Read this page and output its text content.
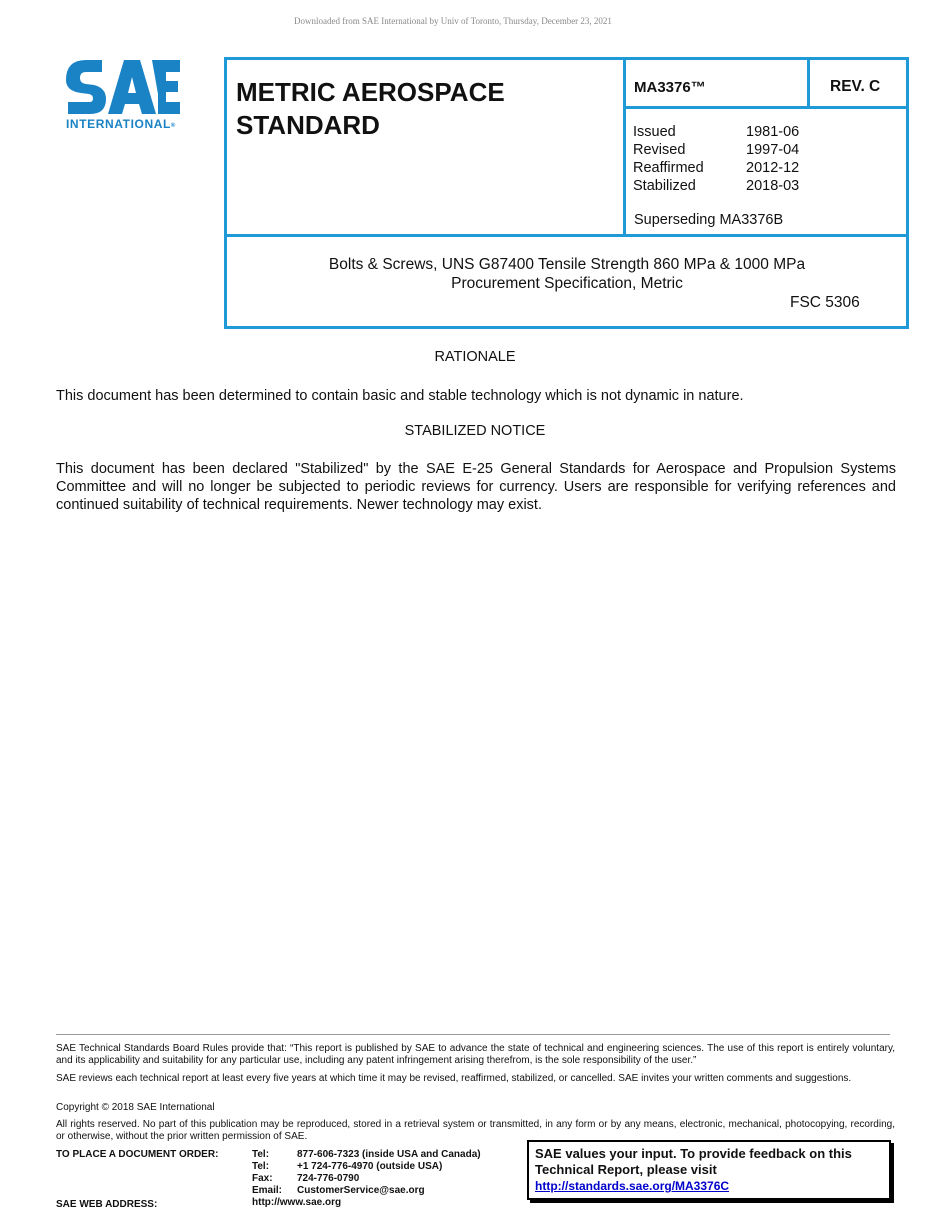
Downloaded from SAE International by Univ of Toronto, Thursday, December 23, 2021
INTERNATIONAL®
METRIC AEROSPACE
STANDARD
MA3376™	REV. C
Issued	1981-06
Revised	1997-04
Reaffirmed	2012-12
Stabilized	2018-03
Superseding MA3376B
Bolts & Screws, UNS G87400 Tensile Strength 860 MPa & 1000 MPa
Procurement Specification, Metric
FSC 5306
RATIONALE
This document has been determined to contain basic and stable technology which is not dynamic in nature.
STABILIZED NOTICE
This document has been declared "Stabilized" by the SAE E-25 General Standards for Aerospace and Propulsion Systems Committee and will no longer be subjected to periodic reviews for currency. Users are responsible for verifying references and continued suitability of technical requirements. Newer technology may exist.
SAE Technical Standards Board Rules provide that: “This report is published by SAE to advance the state of technical and engineering sciences. The use of this report is entirely voluntary, and its applicability and suitability for any particular use, including any patent infringement arising therefrom, is the sole responsibility of the user.”
SAE reviews each technical report at least every five years at which time it may be revised, reaffirmed, stabilized, or cancelled. SAE invites your written comments and suggestions.
Copyright © 2018 SAE International
All rights reserved. No part of this publication may be reproduced, stored in a retrieval system or transmitted, in any form or by any means, electronic, mechanical, photocopying, recording, or otherwise, without the prior written permission of SAE.
TO PLACE A DOCUMENT ORDER:	Tel:	877-606-7323 (inside USA and Canada)
Tel:	+1 724-776-4970 (outside USA)
Fax:	724-776-0790
Email:	CustomerService@sae.org
http://www.sae.org
SAE WEB ADDRESS:
SAE values your input. To provide feedback on this
Technical Report, please visit
http://standards.sae.org/MA3376C
